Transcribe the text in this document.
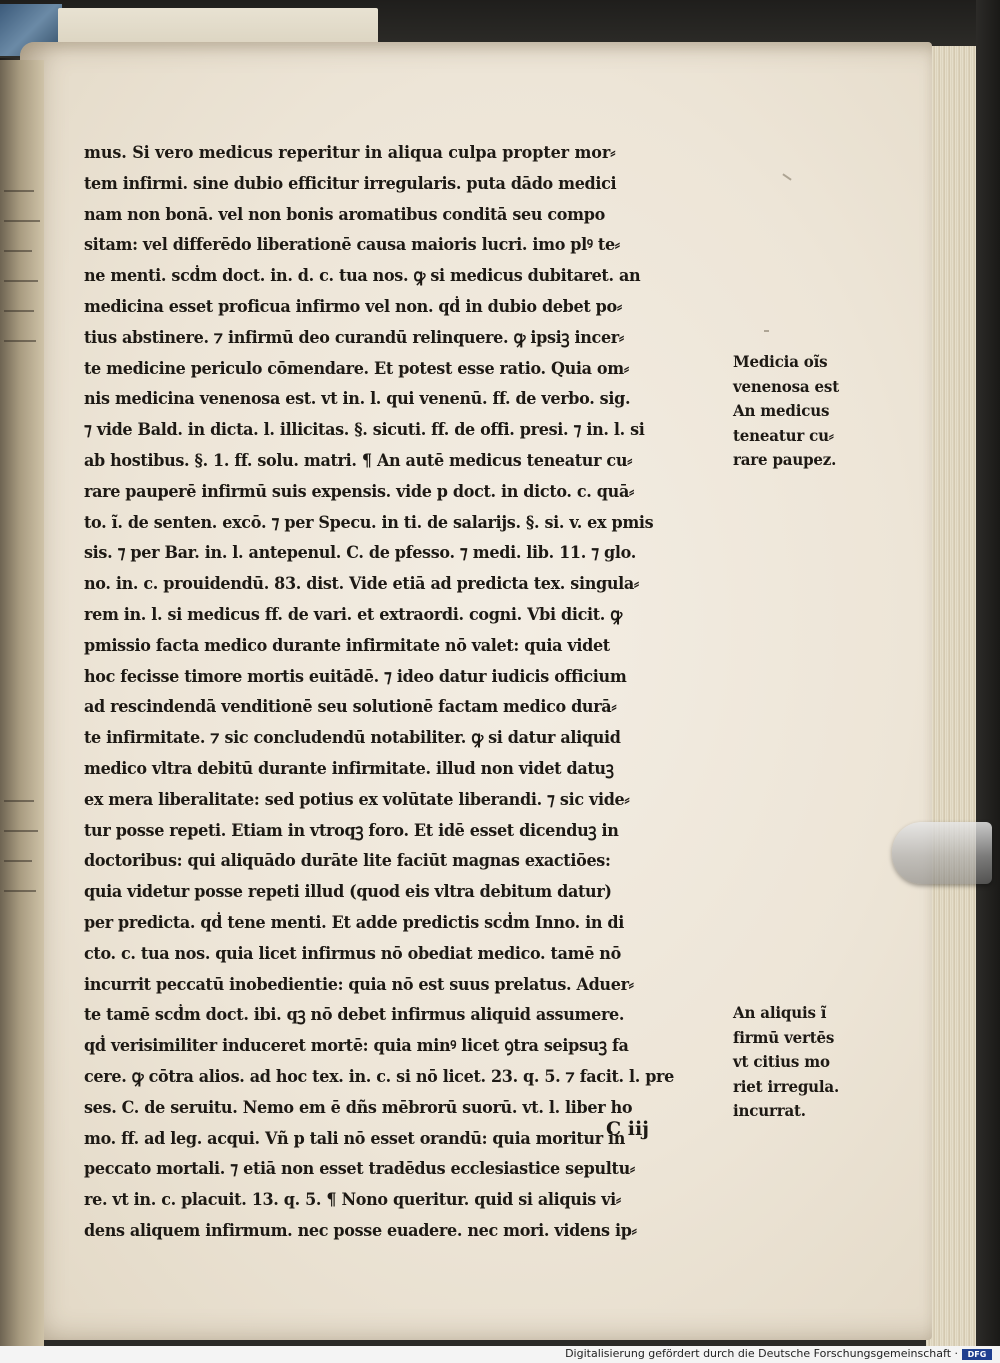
mus. Si vero medicus reperitur in aliqua culpa propter mor⸗
tem infirmi. sine dubio efficitur irregularis. puta dādo medici
nam non bonā. vel non bonis aromatibus conditā seu compo
sitam: vel differēdo liberationē causa maioris lucri. imo plꝰ te⸗
ne menti. scḋm doct. in. d. c. tua nos. ꝙ si medicus dubitaret. an
medicina esset proficua infirmo vel non. qḋ in dubio debet po⸗
tius abstinere. ⁊ infirmū deo curandū relinquere. ꝙ ipsiꝫ incer⸗
te medicine periculo cōmendare. Et potest esse ratio. Quia om⸗
nis medicina venenosa est. vt in. l. qui venenū. ff. de verbo. sig.
⁊ vide Bald. in dicta. l. illicitas. §. sicuti. ff. de offi. presi. ⁊ in. l. si
ab hostibus. §. 1. ff. solu. matri. ¶ An autē medicus teneatur cu⸗
rare pauperē infirmū suis expensis. vide p doct. in dicto. c. quā⸗
to. ĩ. de senten. excō. ⁊ per Specu. in ti. de salarijs. §. si. v. ex pmis
sis. ⁊ per Bar. in. l. antepenul. C. de pfesso. ⁊ medi. lib. 11. ⁊ glo.
no. in. c. prouidendū. 83. dist. Vide etiā ad predicta tex. singula⸗
rem in. l. si medicus ff. de vari. et extraordi. cogni. Vbi dicit. ꝙ
pmissio facta medico durante infirmitate nō valet: quia videt
hoc fecisse timore mortis euitādē. ⁊ ideo datur iudicis officium
ad rescindendā venditionē seu solutionē factam medico durā⸗
te infirmitate. ⁊ sic concludendū notabiliter. ꝙ si datur aliquid
medico vltra debitū durante infirmitate. illud non videt datuꝫ
ex mera liberalitate: sed potius ex volūtate liberandi. ⁊ sic vide⸗
tur posse repeti. Etiam in vtroqꝫ foro. Et idē esset dicenduꝫ in
doctoribus: qui aliquādo durāte lite faciūt magnas exactiōes:
quia videtur posse repeti illud (quod eis vltra debitum datur)
per predicta. qḋ tene menti. Et adde predictis scḋm Inno. in di
cto. c. tua nos. quia licet infirmus nō obediat medico. tamē nō
incurrit peccatū inobedientie: quia nō est suus prelatus. Aduer⸗
te tamē scḋm doct. ibi. qꝫ nō debet infirmus aliquid assumere.
qḋ verisimiliter induceret mortē: quia minꝰ licet ꝯtra seipsuꝫ fa
cere. ꝙ cōtra alios. ad hoc tex. in. c. si nō licet. 23. q. 5. ⁊ facit. l. pre
ses. C. de seruitu. Nemo em ē dñs mēbrorū suorū. vt. l. liber ho
mo. ff. ad leg. acqui. Vñ p tali nō esset orandū: quia moritur in
peccato mortali. ⁊ etiā non esset tradēdus ecclesiastice sepultu⸗
re. vt in. c. placuit. 13. q. 5. ¶ Nono queritur. quid si aliquis vi⸗
dens aliquem infirmum. nec posse euadere. nec mori. videns ip⸗
C iij
Medicia oĩs
venenosa est
An medicus
teneatur cu⸗
rare paupez.
An aliquis ĩ
firmū vertēs
vt citius mo
riet irregula.
incurrat.
Digitalisierung gefördert durch die Deutsche Forschungsgemeinschaft ·	DFG
